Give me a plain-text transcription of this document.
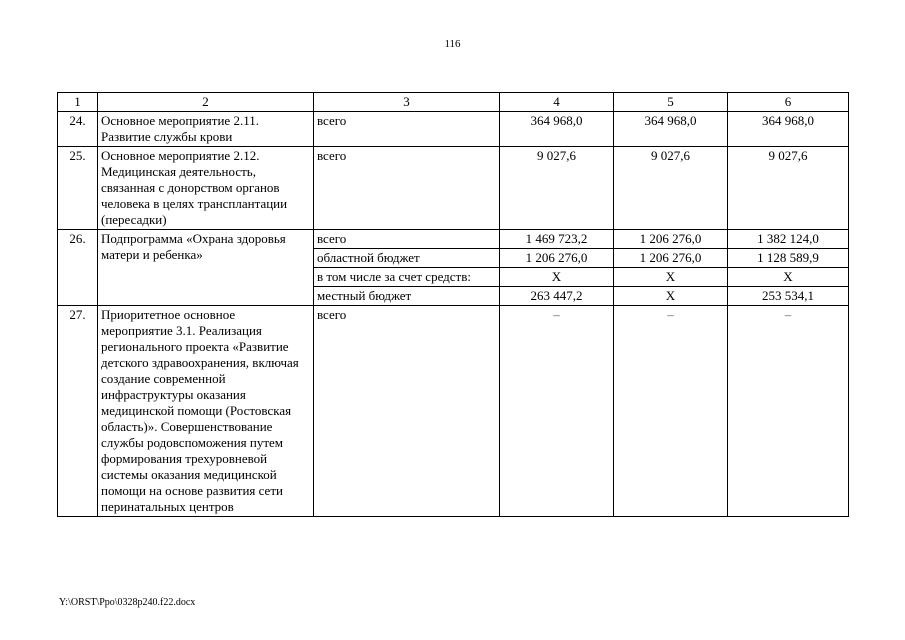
116
1	2	3	4	5	6
24.	Основное мероприятие 2.11. Развитие службы крови	всего	364 968,0	364 968,0	364 968,0
25.	Основное мероприятие 2.12. Медицинская деятельность, связанная с донорством органов человека в целях трансплантации (пересадки)	всего	9 027,6	9 027,6	9 027,6
26.	Подпрограмма «Охрана здоровья матери и ребенка»	всего	1 469 723,2	1 206 276,0	1 382 124,0
		областной бюджет	1 206 276,0	1 206 276,0	1 128 589,9
		в том числе за счет средств:	X	X	X
		местный бюджет	263 447,2	X	253 534,1
27.	Приоритетное основное мероприятие 3.1. Реализация регионального проекта «Развитие детского здравоохранения, включая создание современной инфраструктуры оказания медицинской помощи (Ростовская область)». Совершенствование службы родовспоможения путем формирования трехуровневой системы оказания медицинской помощи на основе развития сети перинатальных центров	всего	–	–	–
Y:\ORST\Ppo\0328p240.f22.docx
